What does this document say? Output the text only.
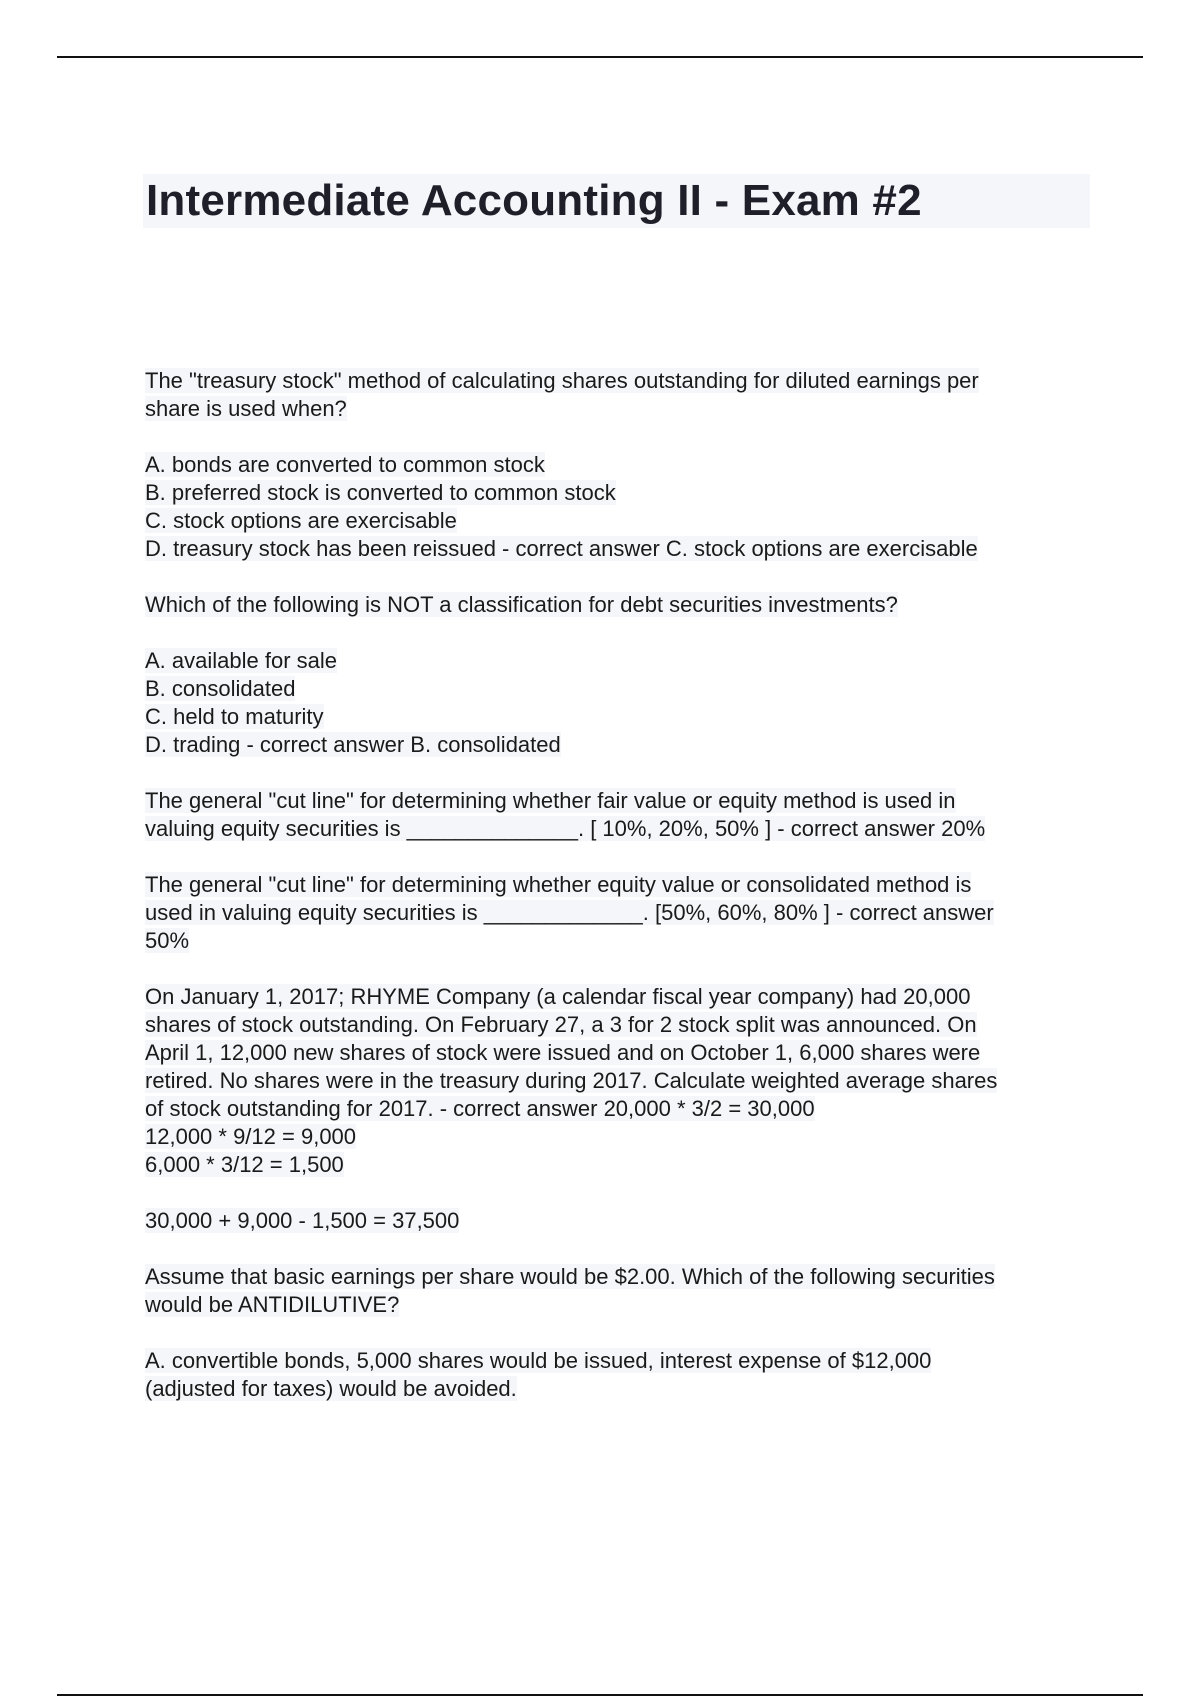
Intermediate Accounting II - Exam #2

The "treasury stock" method of calculating shares outstanding for diluted earnings per
share is used when?

A. bonds are converted to common stock
B. preferred stock is converted to common stock
C. stock options are exercisable
D. treasury stock has been reissued - correct answer C. stock options are exercisable

Which of the following is NOT a classification for debt securities investments?

A. available for sale
B. consolidated
C. held to maturity
D. trading - correct answer B. consolidated

The general "cut line" for determining whether fair value or equity method is used in
valuing equity securities is ______________. [ 10%, 20%, 50% ] - correct answer 20%

The general "cut line" for determining whether equity value or consolidated method is
used in valuing equity securities is _____________. [50%, 60%, 80% ] - correct answer
50%

On January 1, 2017; RHYME Company (a calendar fiscal year company) had 20,000
shares of stock outstanding. On February 27, a 3 for 2 stock split was announced. On
April 1, 12,000 new shares of stock were issued and on October 1, 6,000 shares were
retired. No shares were in the treasury during 2017. Calculate weighted average shares
of stock outstanding for 2017. - correct answer 20,000 * 3/2 = 30,000
12,000 * 9/12 = 9,000
6,000 * 3/12 = 1,500

30,000 + 9,000 - 1,500 = 37,500

Assume that basic earnings per share would be $2.00. Which of the following securities
would be ANTIDILUTIVE?

A. convertible bonds, 5,000 shares would be issued, interest expense of $12,000
(adjusted for taxes) would be avoided.
